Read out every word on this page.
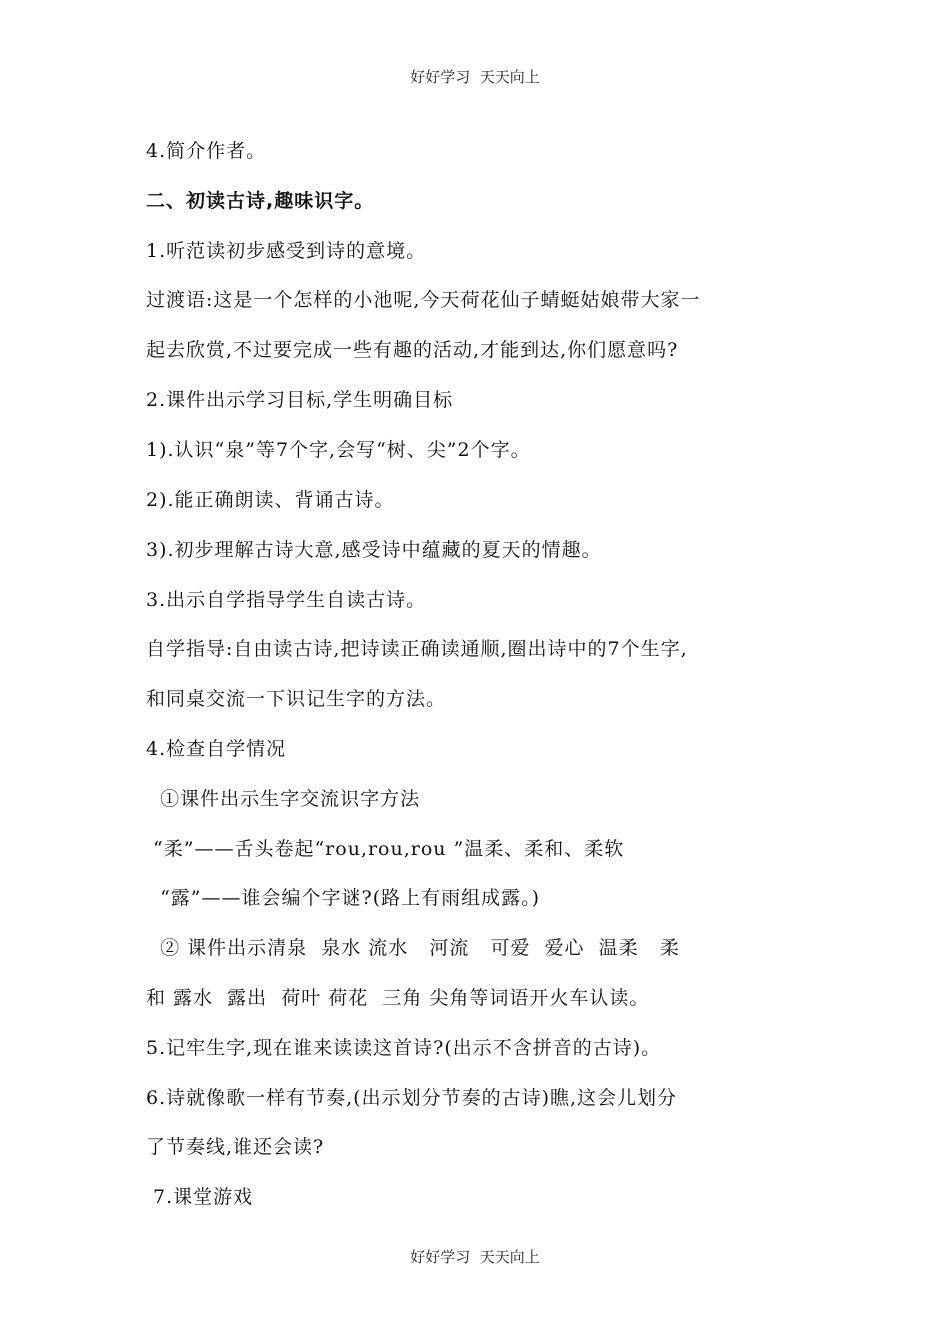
好好学习  天天向上
4.简介作者。
二、初读古诗,趣味识字。
1.听范读初步感受到诗的意境。
过渡语:这是一个怎样的小池呢,今天荷花仙子蜻蜓姑娘带大家一
起去欣赏,不过要完成一些有趣的活动,才能到达,你们愿意吗?
2.课件出示学习目标,学生明确目标
1).认识“泉”等7个字,会写“树、尖”2个字。
2).能正确朗读、背诵古诗。
3).初步理解古诗大意,感受诗中蕴藏的夏天的情趣。
3.出示自学指导学生自读古诗。
自学指导:自由读古诗,把诗读正确读通顺,圈出诗中的7个生字,
和同桌交流一下识记生字的方法。
4.检查自学情况
①课件出示生字交流识字方法
“柔”——舌头卷起“rou,rou,rou ”温柔、柔和、柔软
“露”——谁会编个字谜?(路上有雨组成露。)
② 课件出示清泉  泉水 流水   河流   可爱  爱心  温柔   柔
和 露水  露出  荷叶 荷花  三角 尖角等词语开火车认读。
5.记牢生字,现在谁来读读这首诗?(出示不含拼音的古诗)。
6.诗就像歌一样有节奏,(出示划分节奏的古诗)瞧,这会儿划分
了节奏线,谁还会读?
7.课堂游戏
好好学习  天天向上
